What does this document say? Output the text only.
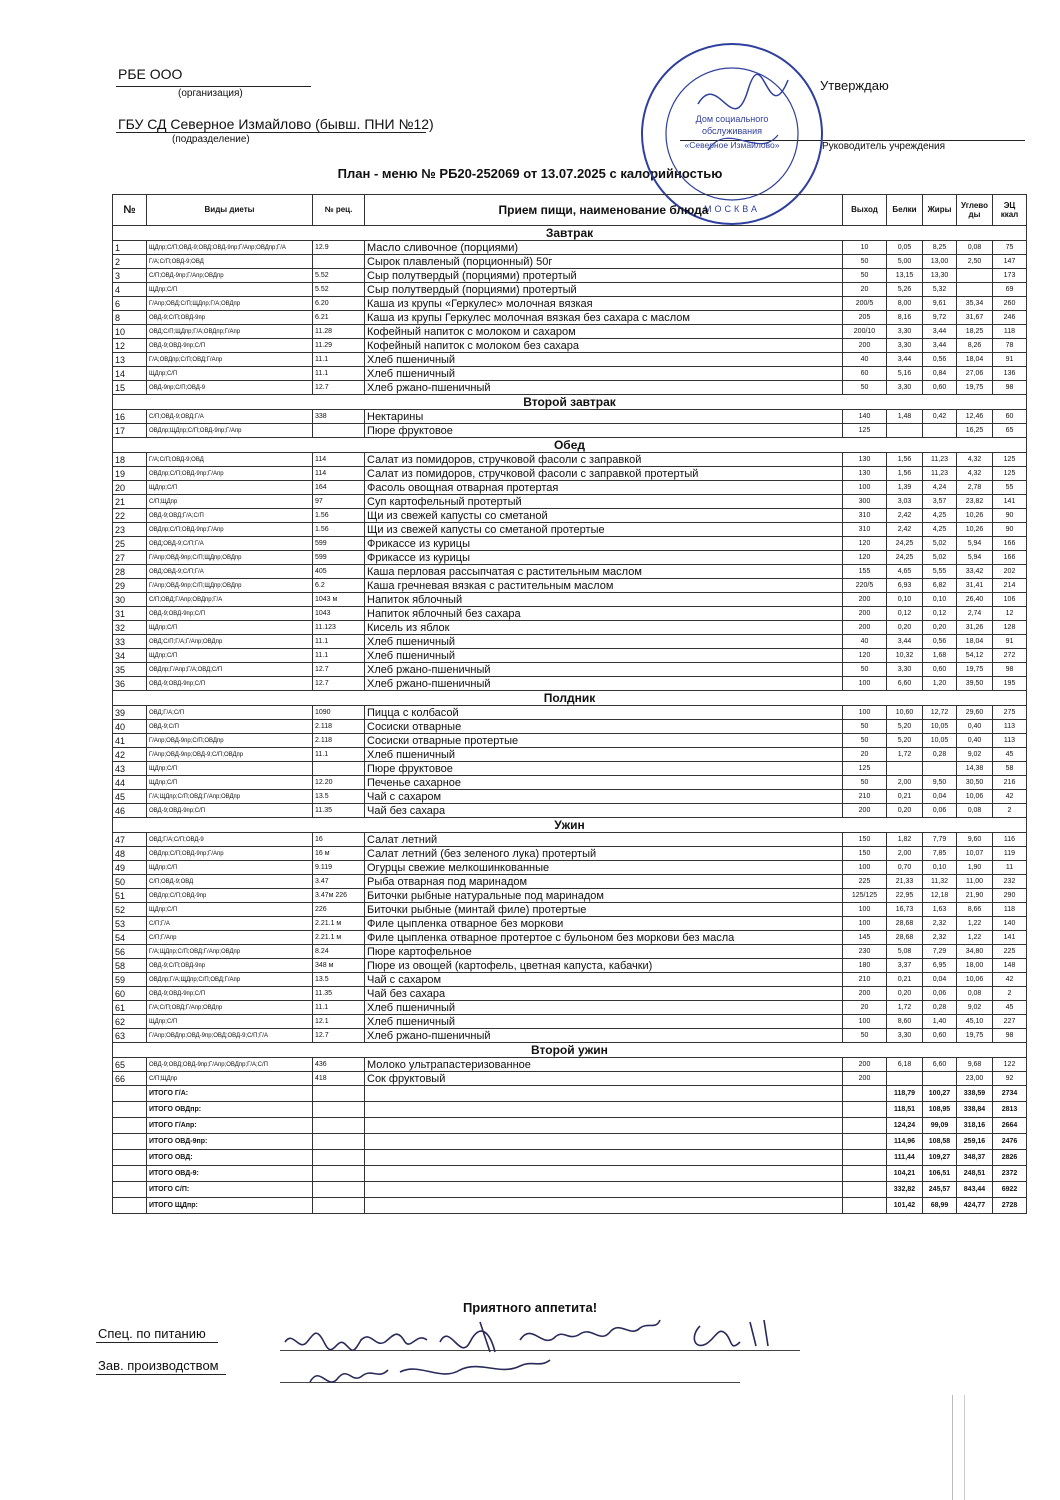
РБЕ ООО
(организация)
ГБУ СД Северное Измайлово (бывш. ПНИ №12)
(подразделение)
Утверждаю
Руководитель учреждения
План - меню № РБ20-252069 от 13.07.2025 с калорийностью
Дом социального
обслуживания
«Северное Измайлово»
МОСКВА
№	Виды диеты	№ рец.	Прием пищи, наименование блюда	Выход	Белки	Жиры	Углево ды	ЭЦ ккал
Завтрак								
1	ЩДпр;С/П;ОВД-9;ОВД;ОВД-9пр;Г/Апр;ОВДпр;Г/А	12.9	Масло сливочное (порциями)	10	0,05	8,25	0,08	75
2	Г/А;С/П;ОВД-9;ОВД		Сырок плавленый (порционный) 50г	50	5,00	13,00	2,50	147
3	С/П;ОВД-9пр;Г/Апр;ОВДпр	5.52	Сыр полутвердый (порциями) протертый	50	13,15	13,30		173
4	ЩДпр;С/П	5.52	Сыр полутвердый (порциями) протертый	20	5,26	5,32		69
6	Г/Апр;ОВД;С/П;ЩДпр;Г/А;ОВДпр	6.20	Каша из крупы «Геркулес» молочная вязкая	200/5	8,00	9,61	35,34	260
8	ОВД-9;С/П;ОВД-9пр	6.21	Каша из крупы Геркулес молочная вязкая без сахара с маслом	205	8,16	9,72	31,67	246
10	ОВД;С/П;ЩДпр;Г/А;ОВДпр;Г/Апр	11.28	Кофейный напиток с молоком и сахаром	200/10	3,30	3,44	18,25	118
12	ОВД-9;ОВД-9пр;С/П	11.29	Кофейный напиток с молоком без сахара	200	3,30	3,44	8,26	78
13	Г/А;ОВДпр;С/П;ОВД;Г/Апр	11.1	Хлеб пшеничный	40	3,44	0,56	18,04	91
14	ЩДпр;С/П	11.1	Хлеб пшеничный	60	5,16	0,84	27,06	136
15	ОВД-9пр;С/П;ОВД-9	12.7	Хлеб ржано-пшеничный	50	3,30	0,60	19,75	98
Второй завтрак								
16	С/П;ОВД-9;ОВД;Г/А	338	Нектарины	140	1,48	0,42	12,46	60
17	ОВДпр;ЩДпр;С/П;ОВД-9пр;Г/Апр		Пюре фруктовое	125			16,25	65
Обед								
18	Г/А;С/П;ОВД-9;ОВД	114	Салат из помидоров, стручковой фасоли с заправкой	130	1,56	11,23	4,32	125
19	ОВДпр;С/П;ОВД-9пр;Г/Апр	114	Салат из помидоров, стручковой фасоли с заправкой протертый	130	1,56	11,23	4,32	125
20	ЩДпр;С/П	164	Фасоль овощная отварная протертая	100	1,39	4,24	2,78	55
21	С/П;ЩДпр	97	Суп картофельный протертый	300	3,03	3,57	23,82	141
22	ОВД-9;ОВД;Г/А;С/П	1.56	Щи из свежей капусты со сметаной	310	2,42	4,25	10,26	90
23	ОВДпр;С/П;ОВД-9пр;Г/Апр	1.56	Щи из свежей капусты со сметаной протертые	310	2,42	4,25	10,26	90
25	ОВД;ОВД-9;С/П;Г/А	599	Фрикассе из курицы	120	24,25	5,02	5,94	166
27	Г/Апр;ОВД-9пр;С/П;ЩДпр;ОВДпр	599	Фрикассе из курицы	120	24,25	5,02	5,94	166
28	ОВД;ОВД-9;С/П;Г/А	405	Каша перловая рассыпчатая с растительным маслом	155	4,65	5,55	33,42	202
29	Г/Апр;ОВД-9пр;С/П;ЩДпр;ОВДпр	6.2	Каша гречневая вязкая с растительным маслом	220/5	6,93	6,82	31,41	214
30	С/П;ОВД;Г/Апр;ОВДпр;Г/А	1043 м	Напиток яблочный	200	0,10	0,10	26,40	106
31	ОВД-9;ОВД-9пр;С/П	1043	Напиток яблочный без сахара	200	0,12	0,12	2,74	12
32	ЩДпр;С/П	11.123	Кисель из яблок	200	0,20	0,20	31,26	128
33	ОВД;С/П;Г/А;Г/Апр;ОВДпр	11.1	Хлеб пшеничный	40	3,44	0,56	18,04	91
34	ЩДпр;С/П	11.1	Хлеб пшеничный	120	10,32	1,68	54,12	272
35	ОВДпр;Г/Апр;Г/А;ОВД;С/П	12.7	Хлеб ржано-пшеничный	50	3,30	0,60	19,75	98
36	ОВД-9;ОВД-9пр;С/П	12.7	Хлеб ржано-пшеничный	100	6,60	1,20	39,50	195
Полдник								
39	ОВД;Г/А;С/П	1090	Пицца с колбасой	100	10,60	12,72	29,60	275
40	ОВД-9;С/П	2.118	Сосиски отварные	50	5,20	10,05	0,40	113
41	Г/Апр;ОВД-9пр;С/П;ОВДпр	2.118	Сосиски отварные протертые	50	5,20	10,05	0,40	113
42	Г/Апр;ОВД-9пр;ОВД-9;С/П;ОВДпр	11.1	Хлеб пшеничный	20	1,72	0,28	9,02	45
43	ЩДпр;С/П		Пюре фруктовое	125			14,38	58
44	ЩДпр;С/П	12.20	Печенье сахарное	50	2,00	9,50	30,50	216
45	Г/А;ЩДпр;С/П;ОВД;Г/Апр;ОВДпр	13.5	Чай с сахаром	210	0,21	0,04	10,06	42
46	ОВД-9;ОВД-9пр;С/П	11.35	Чай без сахара	200	0,20	0,06	0,08	2
Ужин								
47	ОВД;Г/А;С/П;ОВД-9	16	Салат летний	150	1,82	7,79	9,60	116
48	ОВДпр;С/П;ОВД-9пр;Г/Апр	16 м	Салат летний (без зеленого лука) протертый	150	2,00	7,85	10,07	119
49	ЩДпр;С/П	9.119	Огурцы свежие мелкошинкованные	100	0,70	0,10	1,90	11
50	С/П;ОВД-9;ОВД	3.47	Рыба отварная под маринадом	225	21,33	11,32	11,00	232
51	ОВДпр;С/П;ОВД-9пр	3.47м 226	Биточки рыбные натуральные под маринадом	125/125	22,95	12,18	21,90	290
52	ЩДпр;С/П	226	Биточки рыбные (минтай филе) протертые	100	16,73	1,63	8,66	118
53	С/П;Г/А	2.21.1 м	Филе цыпленка отварное без моркови	100	28,68	2,32	1,22	140
54	С/П;Г/Апр	2.21.1 м	Филе цыпленка отварное протертое с бульоном без моркови без масла	145	28,68	2,32	1,22	141
56	Г/А;ЩДпр;С/П;ОВД;Г/Апр;ОВДпр	8.24	Пюре картофельное	230	5,08	7,29	34,80	225
58	ОВД-9;С/П;ОВД-9пр	348 м	Пюре из овощей (картофель, цветная капуста, кабачки)	180	3,37	6,95	18,00	148
59	ОВДпр;Г/А;ЩДпр;С/П;ОВД;Г/Апр	13.5	Чай с сахаром	210	0,21	0,04	10,06	42
60	ОВД-9;ОВД-9пр;С/П	11.35	Чай без сахара	200	0,20	0,06	0,08	2
61	Г/А;С/П;ОВД;Г/Апр;ОВДпр	11.1	Хлеб пшеничный	20	1,72	0,28	9,02	45
62	ЩДпр;С/П	12.1	Хлеб пшеничный	100	8,60	1,40	45,10	227
63	Г/Апр;ОВДпр;ОВД-9пр;ОВД;ОВД-9;С/П;Г/А	12.7	Хлеб ржано-пшеничный	50	3,30	0,60	19,75	98
Второй ужин								
65	ОВД-9;ОВД;ОВД-9пр;Г/Апр;ОВДпр;Г/А;С/П	436	Молоко ультрапастеризованное	200	6,18	6,60	9,68	122
66	С/П;ЩДпр	418	Сок фруктовый	200			23,00	92
	ИТОГО Г/А:				118,79	100,27	338,59	2734
	ИТОГО ОВДпр:				118,51	108,95	338,84	2813
	ИТОГО Г/Апр:				124,24	99,09	318,16	2664
	ИТОГО ОВД-9пр:				114,96	108,58	259,16	2476
	ИТОГО ОВД:				111,44	109,27	348,37	2826
	ИТОГО ОВД-9:				104,21	106,51	248,51	2372
	ИТОГО С/П:				332,82	245,57	843,44	6922
	ИТОГО ЩДпр:				101,42	68,99	424,77	2728
Приятного аппетита!
Спец. по питанию
Зав. производством
